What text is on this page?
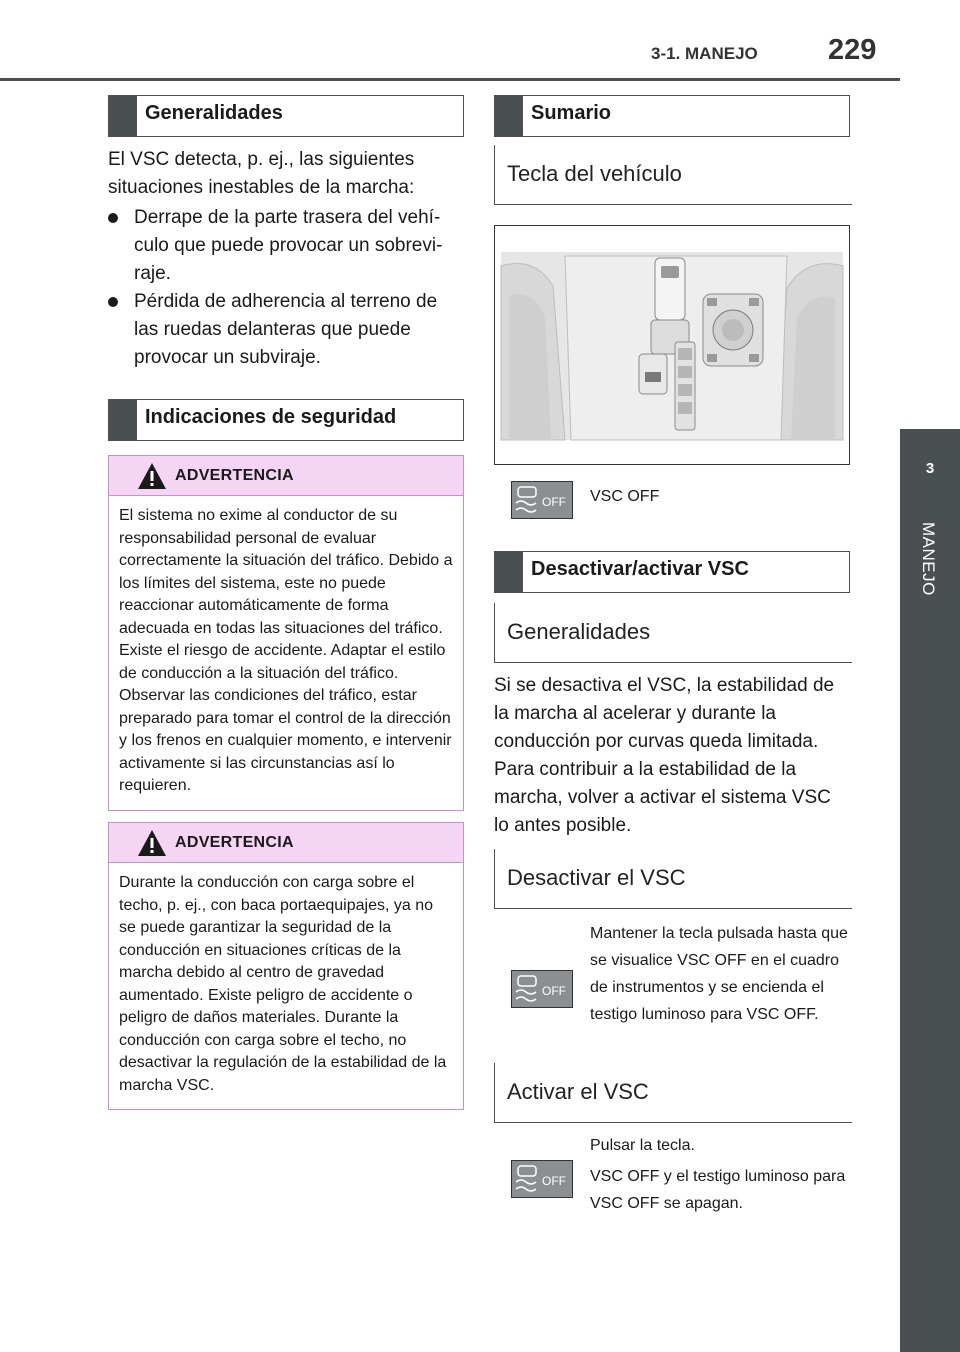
3-1. MANEJO 229
3
MANEJO
Generalidades
El VSC detecta, p. ej., las siguientes situaciones inestables de la marcha:
Derrape de la parte trasera del vehículo que puede provocar un sobreviraje.
Pérdida de adherencia al terreno de las ruedas delanteras que puede provocar un subviraje.
Indicaciones de seguridad
ADVERTENCIA
El sistema no exime al conductor de su responsabilidad personal de evaluar correctamente la situación del tráfico. Debido a los límites del sistema, este no puede reaccionar automáticamente de forma adecuada en todas las situaciones del tráfico. Existe el riesgo de accidente. Adaptar el estilo de conducción a la situación del tráfico. Observar las condiciones del tráfico, estar preparado para tomar el control de la dirección y los frenos en cualquier momento, e intervenir activamente si las circunstancias así lo requieren.
ADVERTENCIA
Durante la conducción con carga sobre el techo, p. ej., con baca portaequipajes, ya no se puede garantizar la seguridad de la conducción en situaciones críticas de la marcha debido al centro de gravedad aumentado. Existe peligro de accidente o peligro de daños materiales. Durante la conducción con carga sobre el techo, no desactivar la regulación de la estabilidad de la marcha VSC.
Sumario
Tecla del vehículo
OFF VSC OFF
Desactivar/activar VSC
Generalidades
Si se desactiva el VSC, la estabilidad de la marcha al acelerar y durante la conducción por curvas queda limitada.
Para contribuir a la estabilidad de la marcha, volver a activar el sistema VSC lo antes posible.
Desactivar el VSC
OFF
Mantener la tecla pulsada hasta que se visualice VSC OFF en el cuadro de instrumentos y se encienda el testigo luminoso para VSC OFF.
Activar el VSC
OFF
Pulsar la tecla.
VSC OFF y el testigo luminoso para VSC OFF se apagan.
